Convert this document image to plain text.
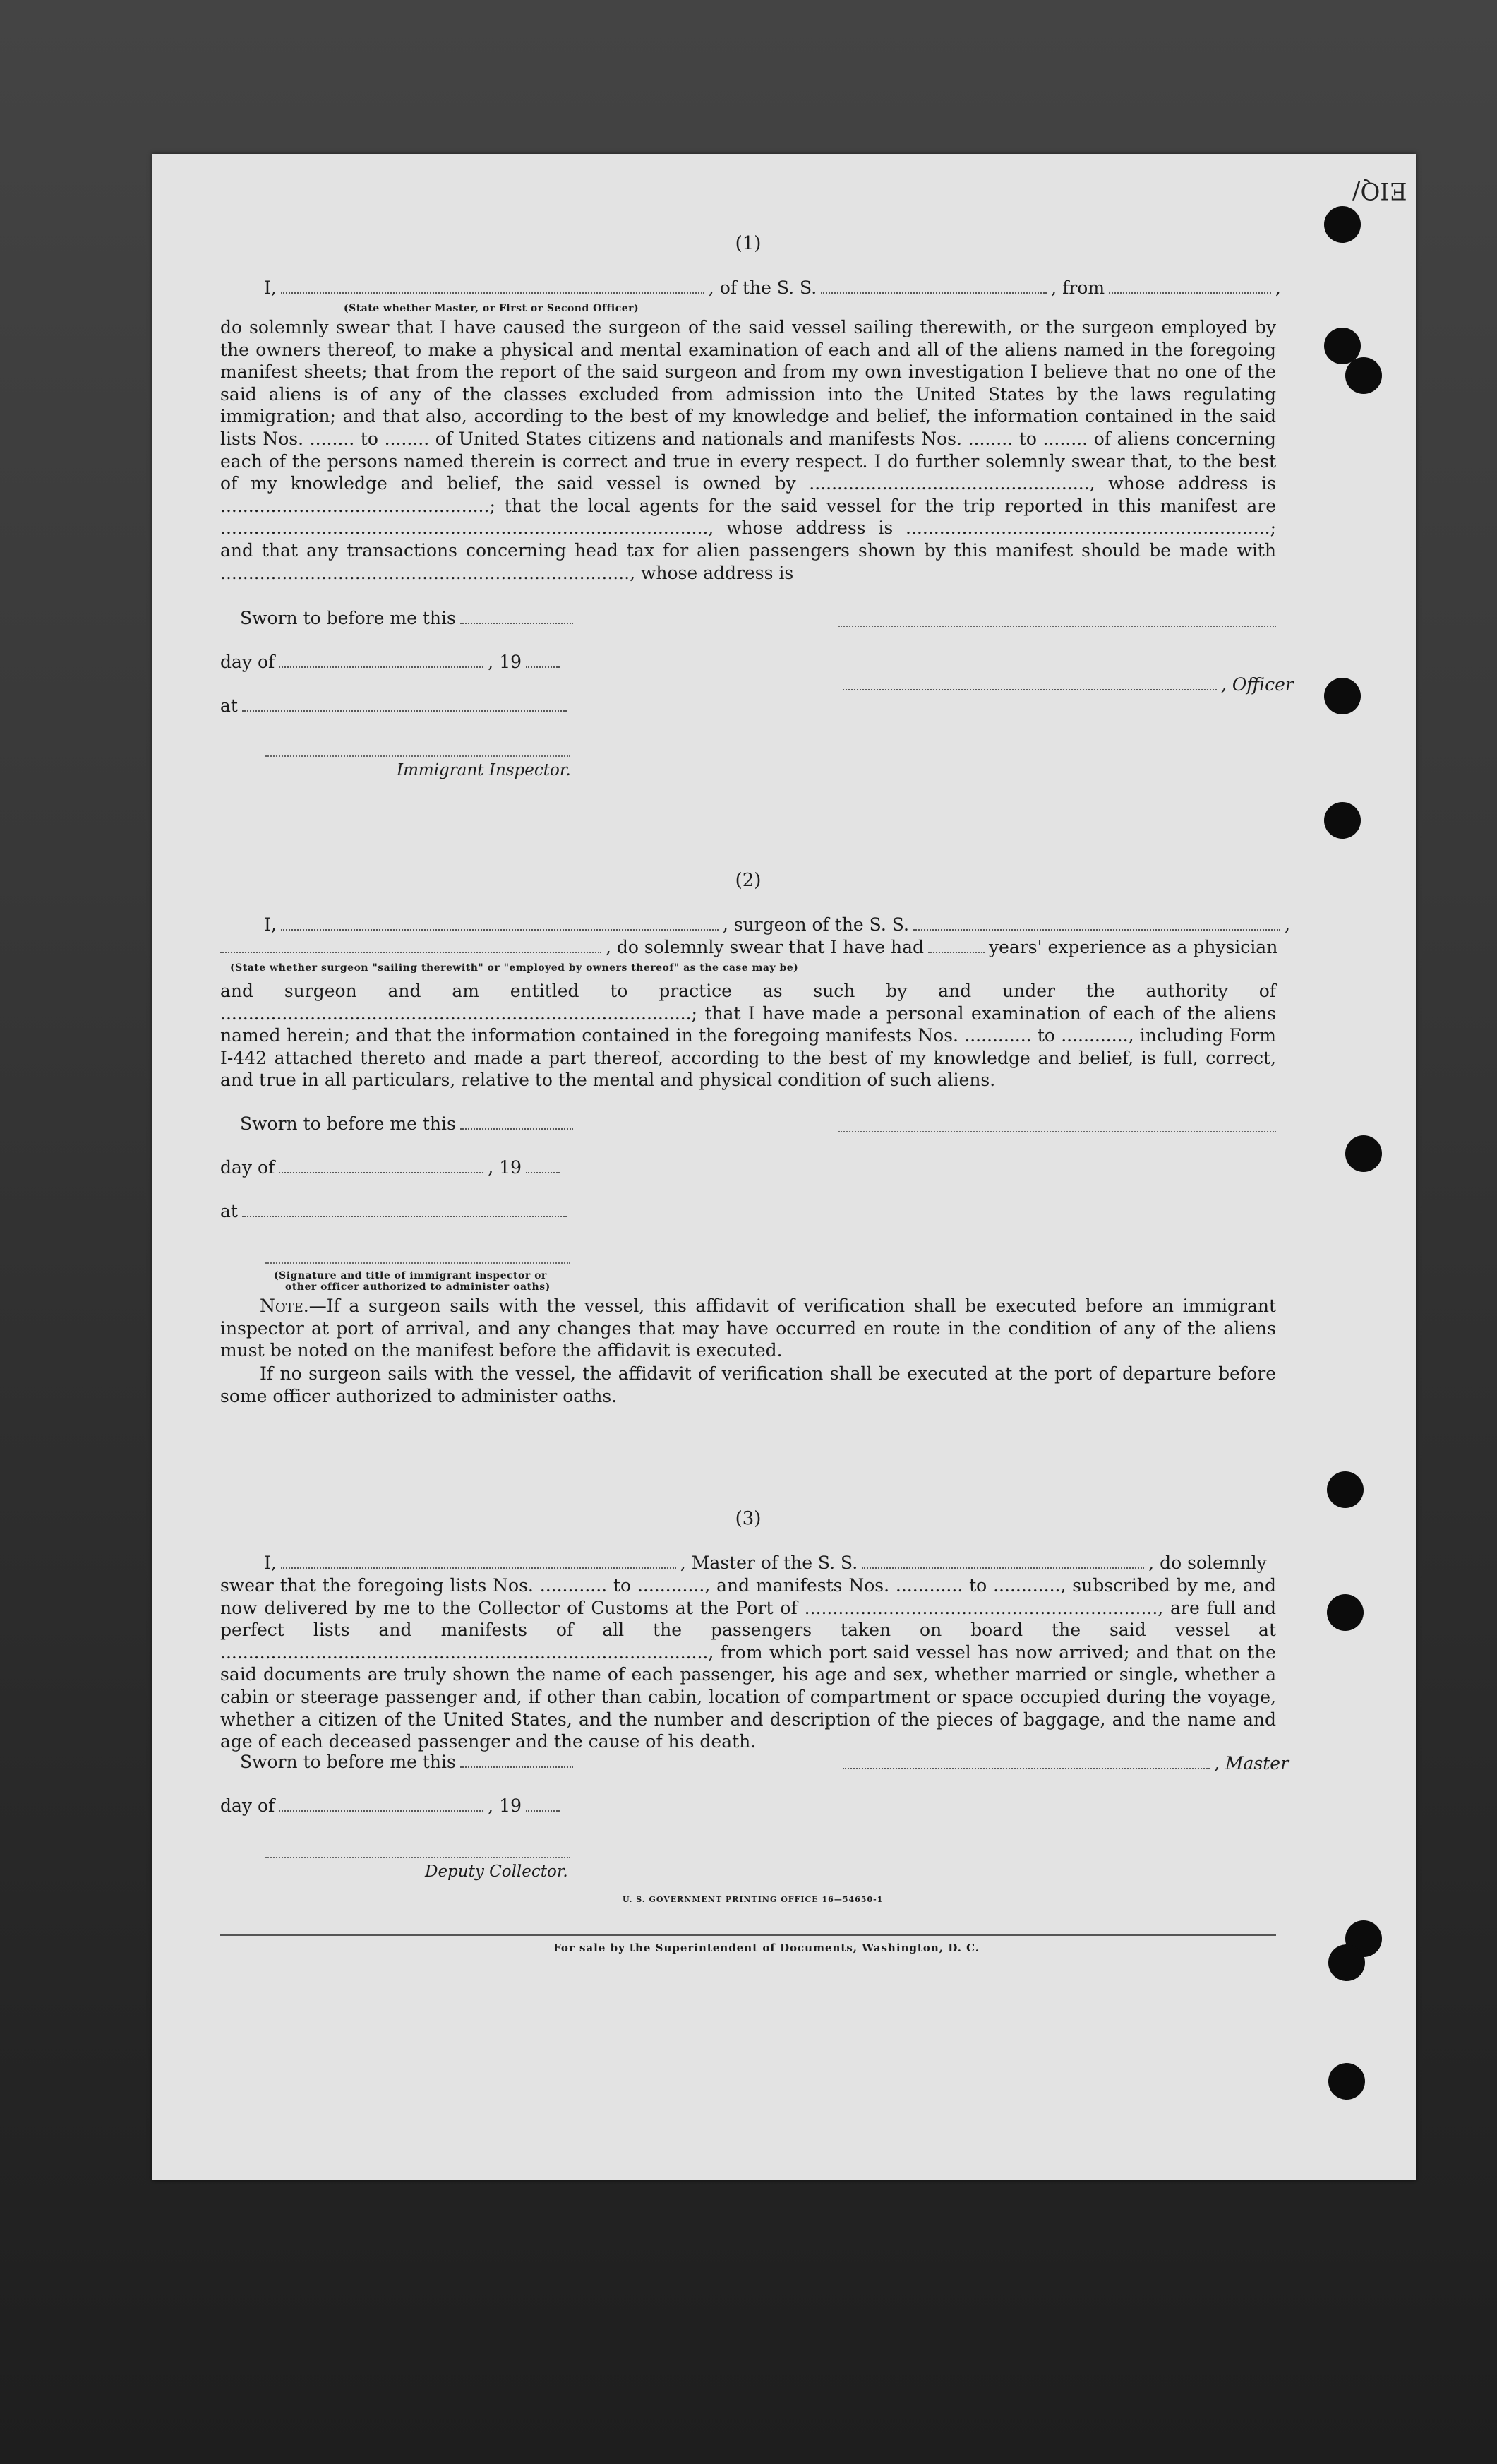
EIQ/
(1)
I,	, of the S. S.	, from
(State whether Master, or First or Second Officer)

do solemnly swear that I have caused the surgeon of the said vessel sailing therewith, or the surgeon employed by the owners thereof, to make a physical and mental examination of each and all of the aliens named in the foregoing manifest sheets; that from the report of the said surgeon and from my own investigation I believe that no one of the said aliens is of any of the classes excluded from admission into the United States by the laws regulating immigration; and that also, according to the best of my knowledge and belief, the information contained in the said lists Nos. ........ to ........ of United States citizens and nationals and manifests Nos. ........ to ........ of aliens concerning each of the persons named therein is correct and true in every respect. I do further solemnly swear that, to the best of my knowledge and belief, the said vessel is owned by .................................................., whose address is ................................................; that the local agents for the said vessel for the trip reported in this manifest are ......................................................................................., whose address is .................................................................; and that any transactions concerning head tax for alien passengers shown by this manifest should be made with ........................................................................., whose address is

Sworn to before me this
day of	, 19
, Officer
at
Immigrant Inspector.
(2)
I,	, surgeon of the S. S.
, do solemnly swear that I have had	years' experience as a physician
(State whether surgeon "sailing therewith" or "employed by owners thereof" as the case may be)

and surgeon and am entitled to practice as such by and under the authority of ....................................................................................; that I have made a personal examination of each of the aliens named herein; and that the information contained in the foregoing manifests Nos. ............ to ............, including Form I-442 attached thereto and made a part thereof, according to the best of my knowledge and belief, is full, correct, and true in all particulars, relative to the mental and physical condition of such aliens.

Sworn to before me this
day of	, 19
at
(Signature and title of immigrant inspector or
other officer authorized to administer oaths)
Note.—If a surgeon sails with the vessel, this affidavit of verification shall be executed before an immigrant inspector at port of arrival, and any changes that may have occurred en route in the condition of any of the aliens must be noted on the manifest before the affidavit is executed.
If no surgeon sails with the vessel, the affidavit of verification shall be executed at the port of departure before some officer authorized to administer oaths.
(3)
I,	, Master of the S. S.	, do solemnly

swear that the foregoing lists Nos. ............ to ............, and manifests Nos. ............ to ............, subscribed by me, and now delivered by me to the Collector of Customs at the Port of ..............................................................., are full and perfect lists and manifests of all the passengers taken on board the said vessel at ......................................................................................., from which port said vessel has now arrived; and that on the said documents are truly shown the name of each passenger, his age and sex, whether married or single, whether a cabin or steerage passenger and, if other than cabin, location of compartment or space occupied during the voyage, whether a citizen of the United States, and the number and description of the pieces of baggage, and the name and age of each deceased passenger and the cause of his death.

Sworn to before me this	, Master
day of	, 19
Deputy Collector.
U. S. GOVERNMENT PRINTING OFFICE 16—54650-1
For sale by the Superintendent of Documents, Washington, D. C.
